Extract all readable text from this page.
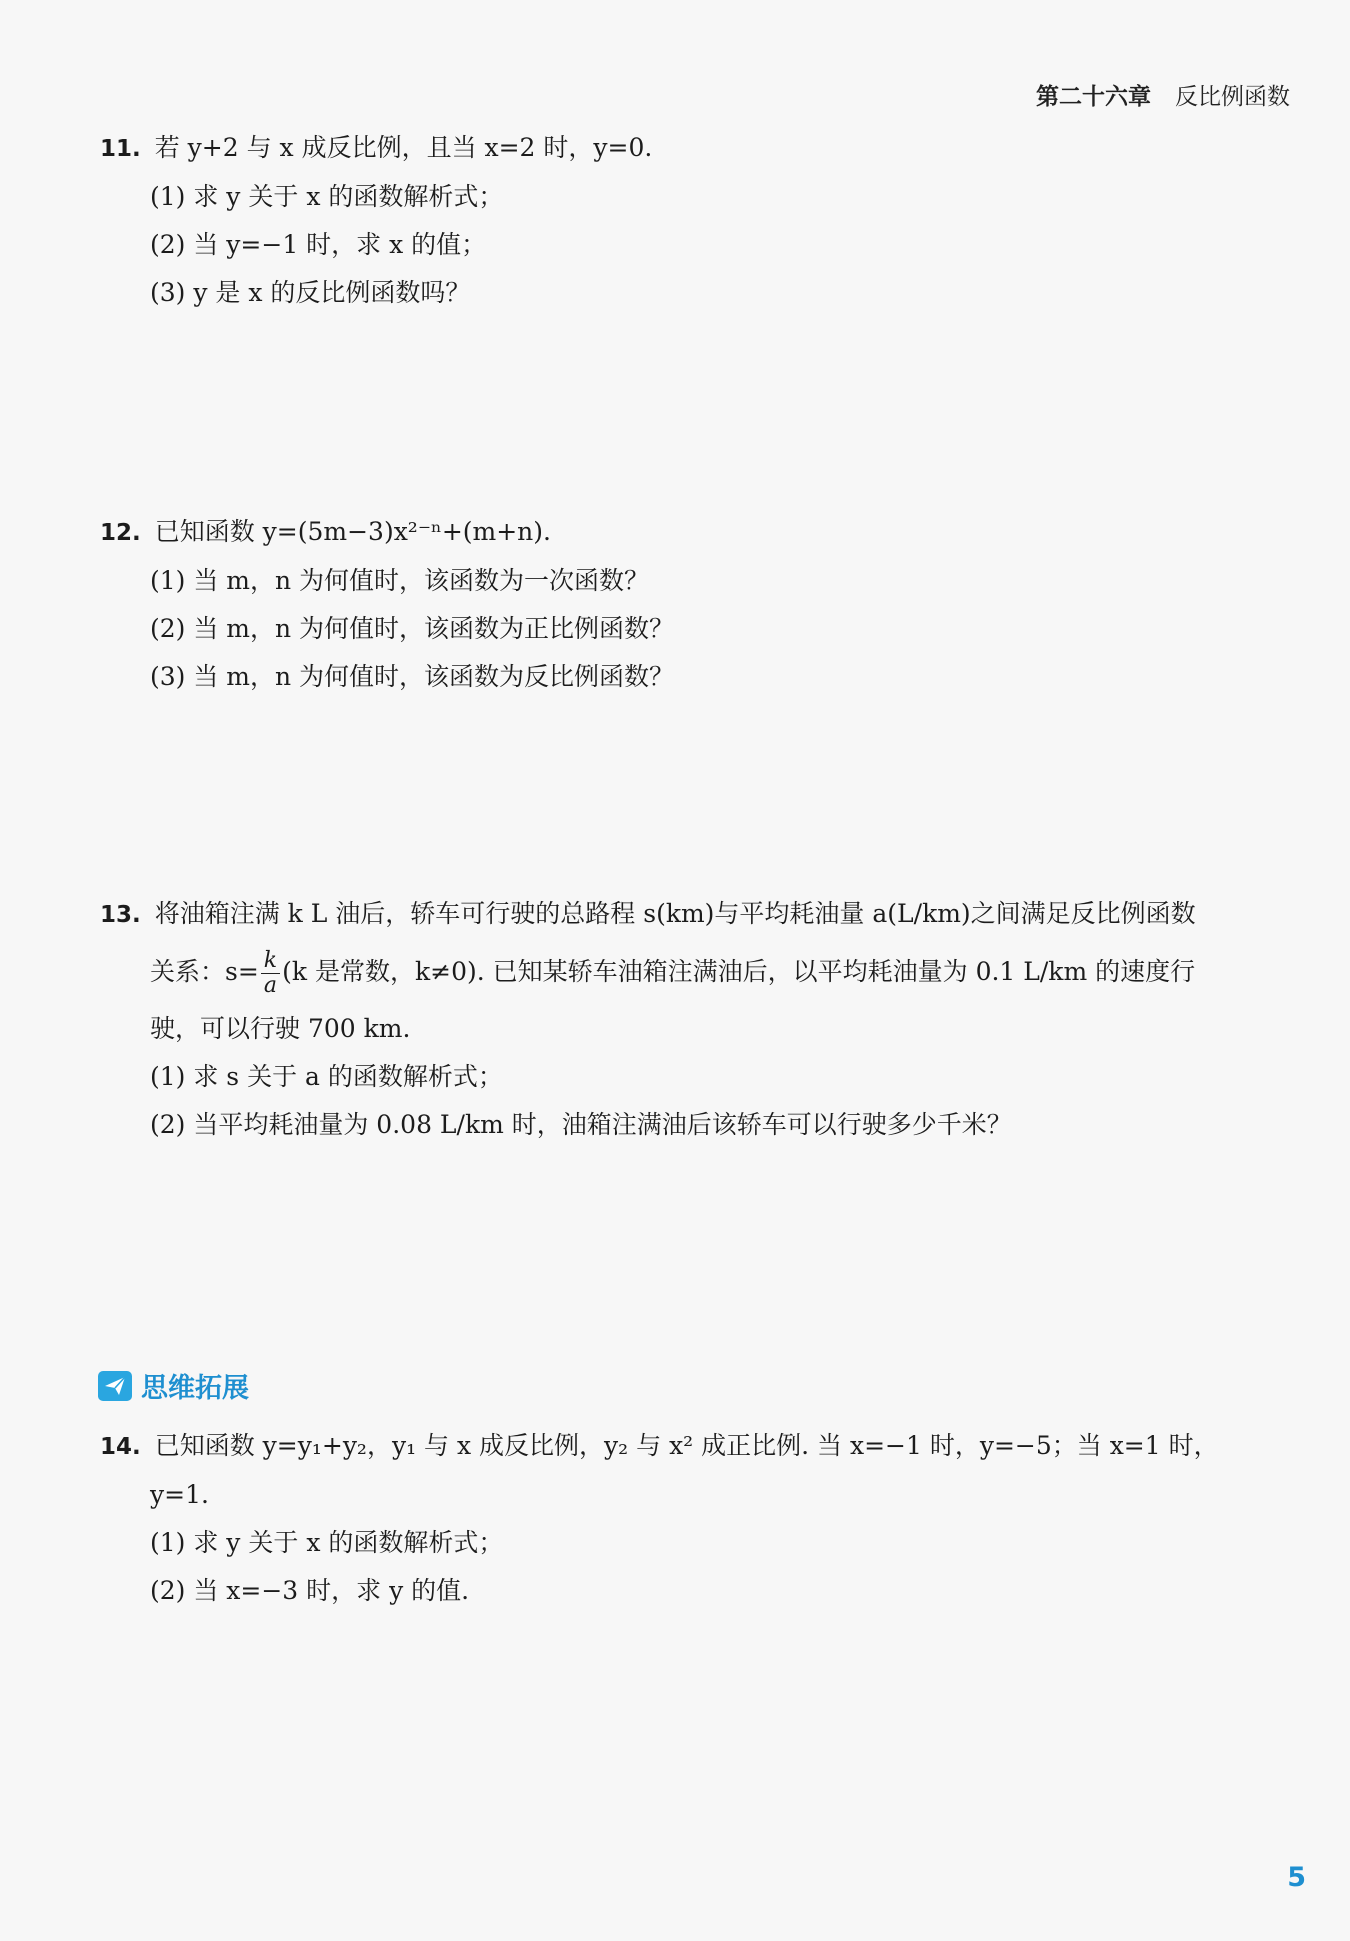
第二十六章 反比例函数
11. 若 y+2 与 x 成反比例，且当 x=2 时，y=0.
(1) 求 y 关于 x 的函数解析式；
(2) 当 y=−1 时，求 x 的值；
(3) y 是 x 的反比例函数吗？
12. 已知函数 y=(5m−3)x²⁻ⁿ+(m+n).
(1) 当 m，n 为何值时，该函数为一次函数？
(2) 当 m，n 为何值时，该函数为正比例函数？
(3) 当 m，n 为何值时，该函数为反比例函数？
13. 将油箱注满 k L 油后，轿车可行驶的总路程 s(km)与平均耗油量 a(L/km)之间满足反比例函数
关系：$s= \frac{k}{a} (k$ 是常数，k≠0). 已知某轿车油箱注满油后，以平均耗油量为 0.1 L/km 的速度行
驶，可以行驶 700 km.
(1) 求 s 关于 a 的函数解析式；
(2) 当平均耗油量为 0.08 L/km 时，油箱注满油后该轿车可以行驶多少千米？
思维拓展
14. 已知函数 y=y₁+y₂，y₁ 与 x 成反比例，y₂ 与 x² 成正比例. 当 x=−1 时，y=−5；当 x=1 时，
y=1.
(1) 求 y 关于 x 的函数解析式；
(2) 当 x=−3 时，求 y 的值.
5
